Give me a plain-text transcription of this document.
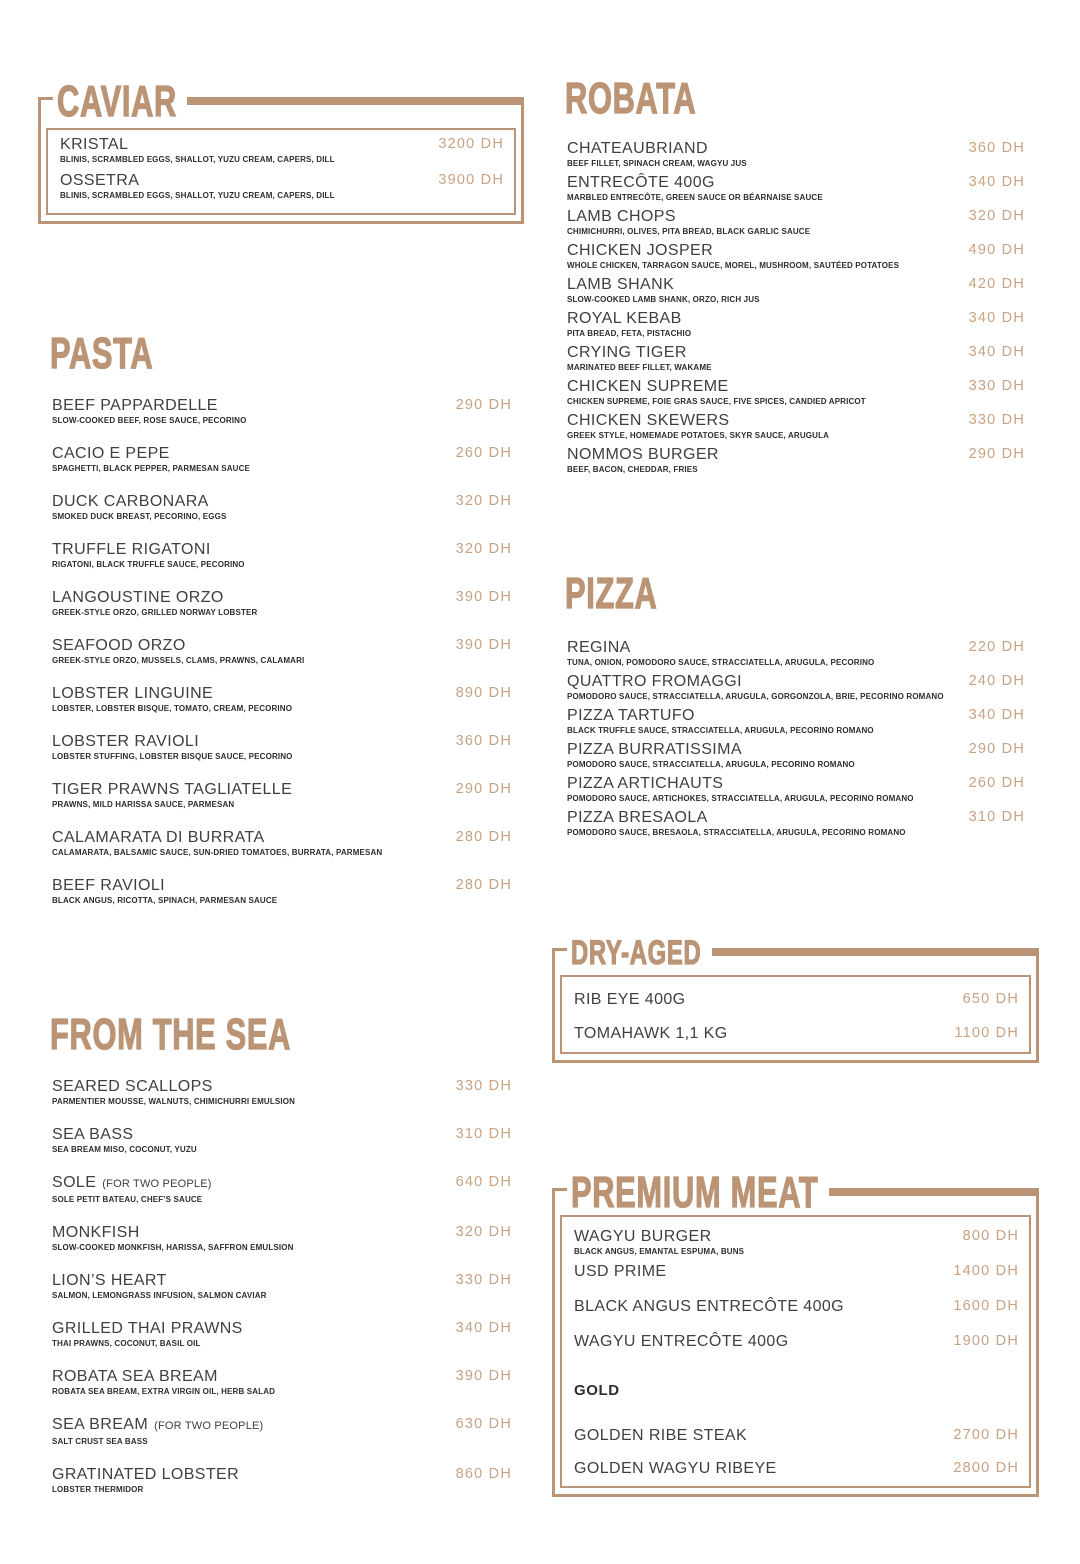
CAVIAR
KRISTAL
BLINIS, SCRAMBLED EGGS, SHALLOT, YUZU CREAM, CAPERS, DILL
3200 DH
OSSETRA
BLINIS, SCRAMBLED EGGS, SHALLOT, YUZU CREAM, CAPERS, DILL
3900 DH
PASTA
BEEF PAPPARDELLE
SLOW-COOKED BEEF, ROSE SAUCE, PECORINO
290 DH
CACIO E PEPE
SPAGHETTI, BLACK PEPPER, PARMESAN SAUCE
260 DH
DUCK CARBONARA
SMOKED DUCK BREAST, PECORINO, EGGS
320 DH
TRUFFLE RIGATONI
RIGATONI, BLACK TRUFFLE SAUCE, PECORINO
320 DH
LANGOUSTINE ORZO
GREEK-STYLE ORZO, GRILLED NORWAY LOBSTER
390 DH
SEAFOOD ORZO
GREEK-STYLE ORZO, MUSSELS, CLAMS, PRAWNS, CALAMARI
390 DH
LOBSTER LINGUINE
LOBSTER, LOBSTER BISQUE, TOMATO, CREAM, PECORINO
890 DH
LOBSTER RAVIOLI
LOBSTER STUFFING, LOBSTER BISQUE SAUCE, PECORINO
360 DH
TIGER PRAWNS TAGLIATELLE
PRAWNS, MILD HARISSA SAUCE, PARMESAN
290 DH
CALAMARATA DI BURRATA
CALAMARATA, BALSAMIC SAUCE, SUN-DRIED TOMATOES, BURRATA, PARMESAN
280 DH
BEEF RAVIOLI
BLACK ANGUS, RICOTTA, SPINACH, PARMESAN SAUCE
280 DH
FROM THE SEA
SEARED SCALLOPS
PARMENTIER MOUSSE, WALNUTS, CHIMICHURRI EMULSION
330 DH
SEA BASS
SEA BREAM MISO, COCONUT, YUZU
310 DH
SOLE (FOR TWO PEOPLE)
SOLE PETIT BATEAU, CHEF’S SAUCE
640 DH
MONKFISH
SLOW-COOKED MONKFISH, HARISSA, SAFFRON EMULSION
320 DH
LION’S HEART
SALMON, LEMONGRASS INFUSION, SALMON CAVIAR
330 DH
GRILLED THAI PRAWNS
THAI PRAWNS, COCONUT, BASIL OIL
340 DH
ROBATA SEA BREAM
ROBATA SEA BREAM, EXTRA VIRGIN OIL, HERB SALAD
390 DH
SEA BREAM (FOR TWO PEOPLE)
SALT CRUST SEA BASS
630 DH
GRATINATED LOBSTER
LOBSTER THERMIDOR
860 DH
ROBATA
CHATEAUBRIAND
BEEF FILLET, SPINACH CREAM, WAGYU JUS
360 DH
ENTRECÔTE 400G
MARBLED ENTRECÔTE, GREEN SAUCE OR BÉARNAISE SAUCE
340 DH
LAMB CHOPS
CHIMICHURRI, OLIVES, PITA BREAD, BLACK GARLIC SAUCE
320 DH
CHICKEN JOSPER
WHOLE CHICKEN, TARRAGON SAUCE, MOREL, MUSHROOM, SAUTÉED POTATOES
490 DH
LAMB SHANK
SLOW-COOKED LAMB SHANK, ORZO, RICH JUS
420 DH
ROYAL KEBAB
PITA BREAD, FETA, PISTACHIO
340 DH
CRYING TIGER
MARINATED BEEF FILLET, WAKAME
340 DH
CHICKEN SUPREME
CHICKEN SUPREME, FOIE GRAS SAUCE, FIVE SPICES, CANDIED APRICOT
330 DH
CHICKEN SKEWERS
GREEK STYLE, HOMEMADE POTATOES, SKYR SAUCE, ARUGULA
330 DH
NOMMOS BURGER
BEEF, BACON, CHEDDAR, FRIES
290 DH
PIZZA
REGINA
TUNA, ONION, POMODORO SAUCE, STRACCIATELLA, ARUGULA, PECORINO
220 DH
QUATTRO FROMAGGI
POMODORO SAUCE, STRACCIATELLA, ARUGULA, GORGONZOLA, BRIE, PECORINO ROMANO
240 DH
PIZZA TARTUFO
BLACK TRUFFLE SAUCE, STRACCIATELLA, ARUGULA, PECORINO ROMANO
340 DH
PIZZA BURRATISSIMA
POMODORO SAUCE, STRACCIATELLA, ARUGULA, PECORINO ROMANO
290 DH
PIZZA ARTICHAUTS
POMODORO SAUCE, ARTICHOKES, STRACCIATELLA, ARUGULA, PECORINO ROMANO
260 DH
PIZZA BRESAOLA
POMODORO SAUCE, BRESAOLA, STRACCIATELLA, ARUGULA, PECORINO ROMANO
310 DH
DRY-AGED
RIB EYE 400G	650 DH
TOMAHAWK 1,1 KG	1100 DH
PREMIUM MEAT
WAGYU BURGER
BLACK ANGUS, EMANTAL ESPUMA, BUNS
800 DH
USD PRIME	1400 DH
BLACK ANGUS ENTRECÔTE 400G	1600 DH
WAGYU ENTRECÔTE 400G	1900 DH
GOLD
GOLDEN RIBE STEAK	2700 DH
GOLDEN WAGYU RIBEYE	2800 DH
